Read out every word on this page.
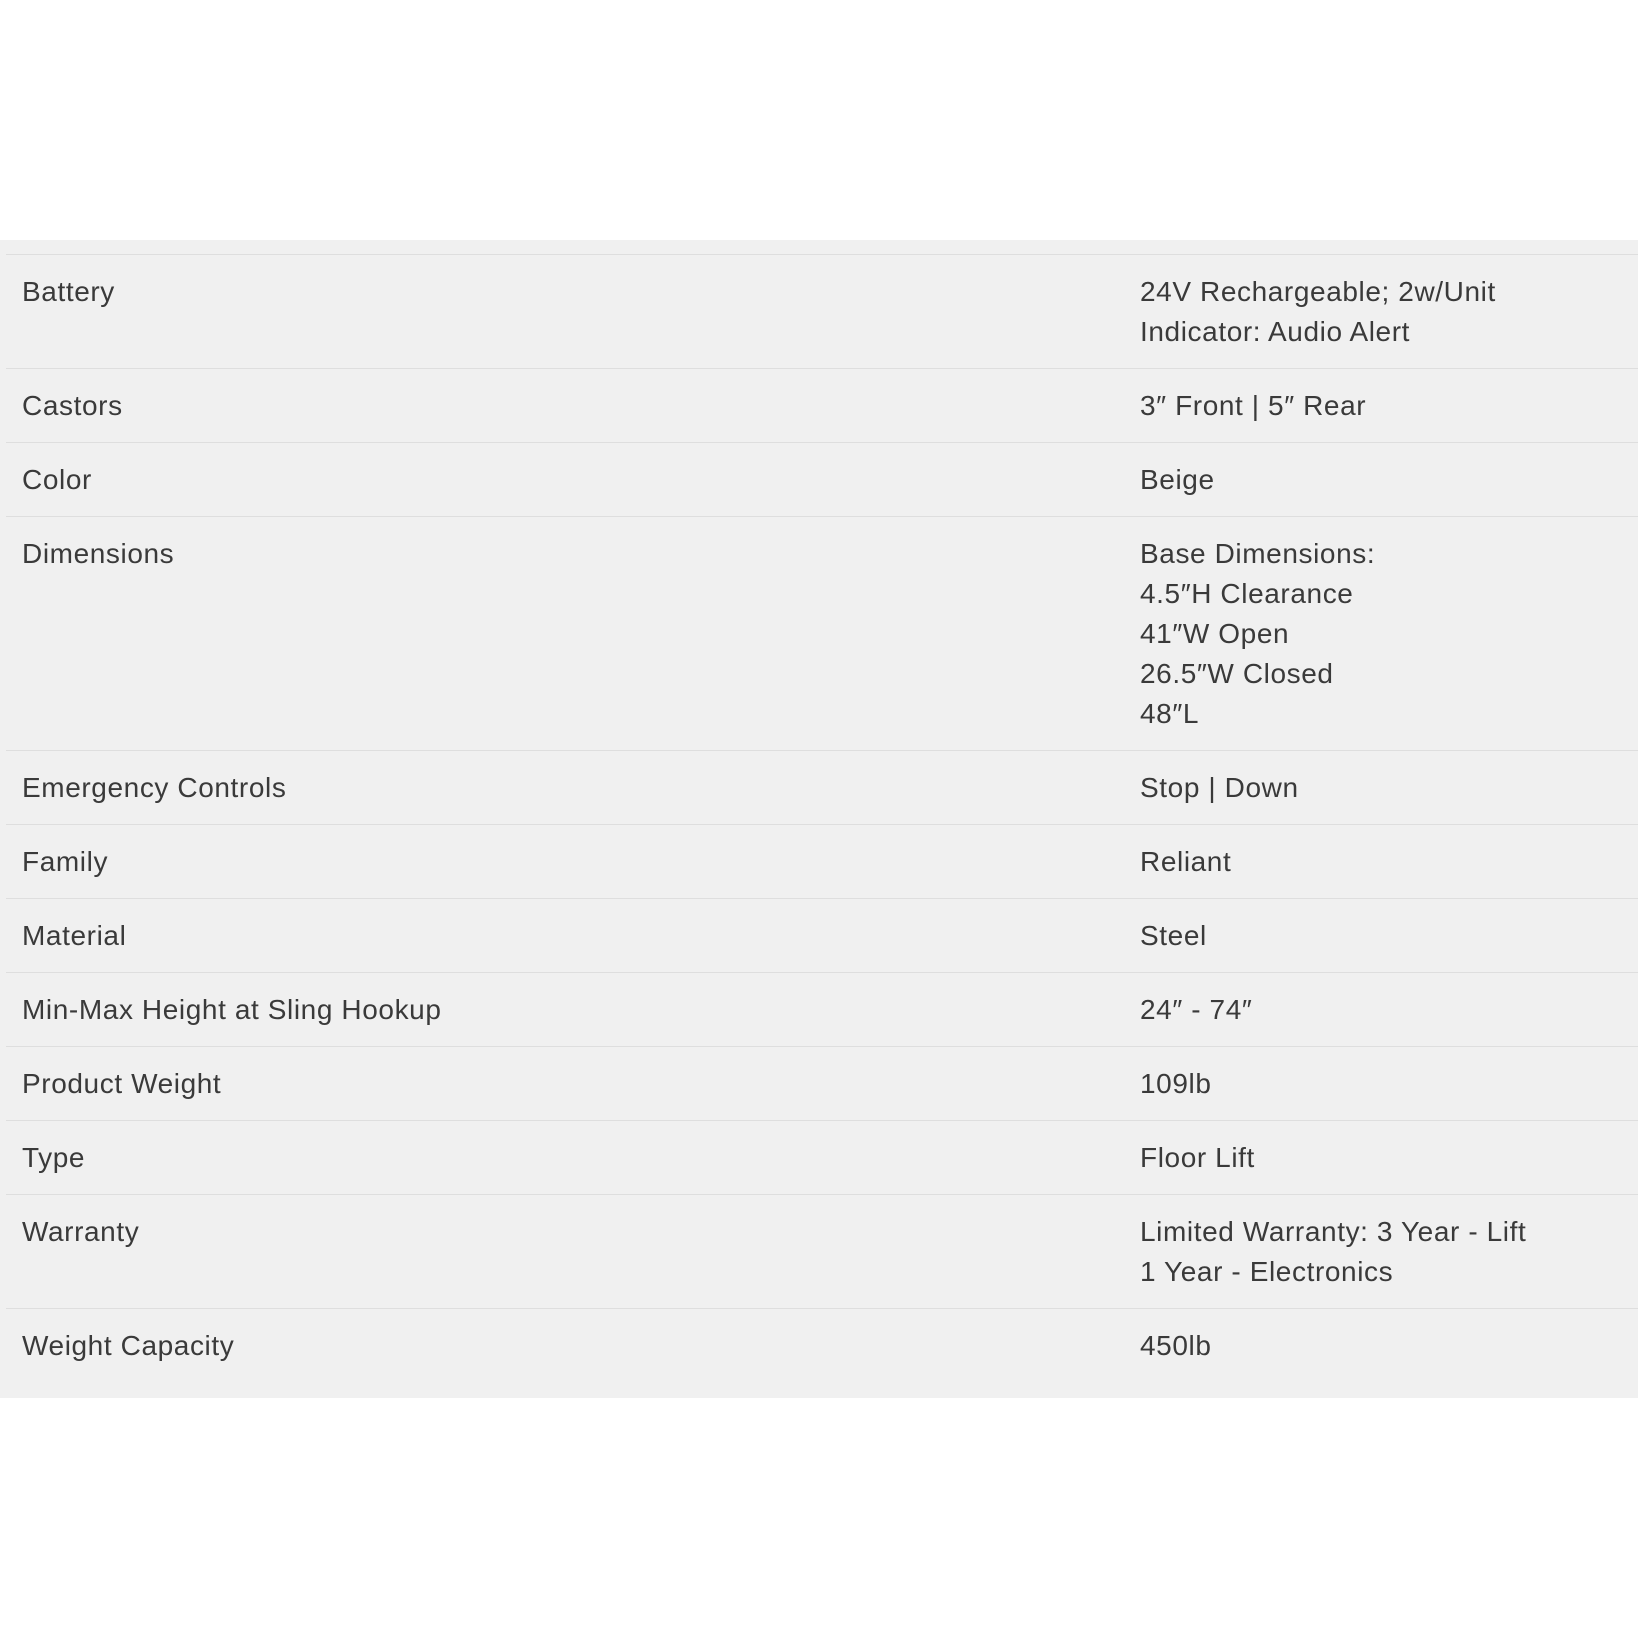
Battery	24V Rechargeable; 2w/Unit
Indicator: Audio Alert
Castors	3″ Front | 5″ Rear
Color	Beige
Dimensions	Base Dimensions:
4.5″H Clearance
41″W Open
26.5″W Closed
48″L
Emergency Controls	Stop | Down
Family	Reliant
Material	Steel
Min-Max Height at Sling Hookup	24″ - 74″
Product Weight	109lb
Type	Floor Lift
Warranty	Limited Warranty: 3 Year - Lift
1 Year - Electronics
Weight Capacity	450lb
